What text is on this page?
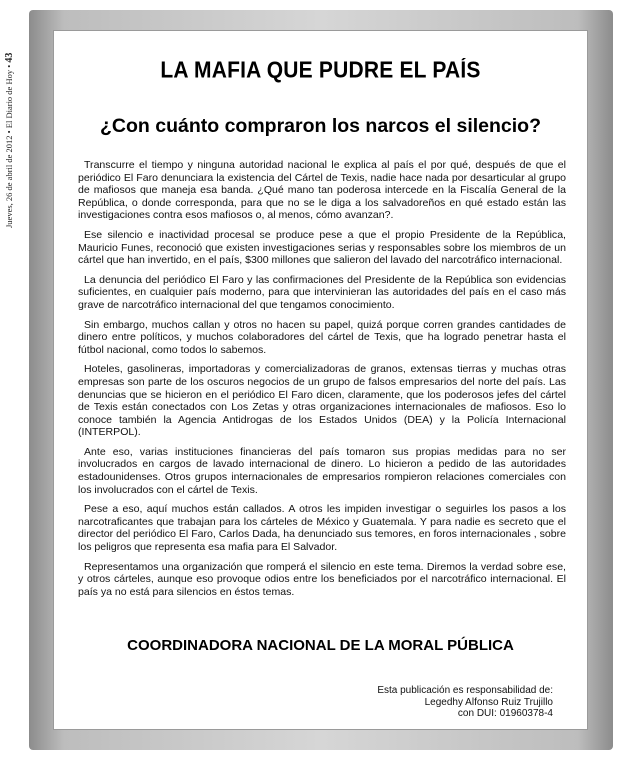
Jueves, 26 de abril de 2012 • El Diario de Hoy • 43
LA MAFIA QUE PUDRE EL PAÍS
¿Con cuánto compraron los narcos el silencio?

Transcurre el tiempo y ninguna autoridad nacional le explica al país el por qué, después de que el periódico El Faro denunciara la existencia del Cártel de Texis, nadie hace nada por desarticular al grupo de mafiosos que maneja esa banda. ¿Qué mano tan poderosa intercede en la Fiscalía General de la República, o donde corresponda, para que no se le diga a los salvadoreños en qué estado están las investigaciones contra esos mafiosos o, al menos, cómo avanzan?.

Ese silencio e inactividad procesal se produce pese a que el propio Presidente de la República, Mauricio Funes, reconoció que existen investigaciones serias y responsables sobre los miembros de un cártel que han invertido, en el país, $300 millones que salieron del lavado del narcotráfico internacional.

La denuncia del periódico El Faro y las confirmaciones del Presidente de la República son evidencias suficientes, en cualquier país moderno, para que intervinieran las autoridades del país en el caso más grave de narcotráfico internacional del que tengamos conocimiento.

Sin embargo, muchos callan y otros no hacen su papel, quizá porque corren grandes cantidades de dinero entre políticos, y muchos colaboradores del cártel de Texis, que ha logrado penetrar hasta el fútbol nacional, como todos lo sabemos.

Hoteles, gasolineras, importadoras y comercializadoras de granos, extensas tierras y muchas otras empresas son parte de los oscuros negocios de un grupo de falsos empresarios del norte del país. Las denuncias que se hicieron en el periódico El Faro dicen, claramente, que los poderosos jefes del cártel de Texis están conectados con Los Zetas y otras organizaciones internacionales de mafiosos. Eso lo conoce también la Agencia Antidrogas de los Estados Unidos (DEA) y la Policía Internacional (INTERPOL).

Ante eso, varias instituciones financieras del país tomaron sus propias medidas para no ser involucrados en cargos de lavado internacional de dinero. Lo hicieron a pedido de las autoridades estadounidenses. Otros grupos internacionales de empresarios rompieron relaciones comerciales con los involucrados con el cártel de Texis.

Pese a eso, aquí muchos están callados. A otros les impiden investigar o seguirles los pasos a los narcotraficantes que trabajan para los cárteles de México y Guatemala. Y para nadie es secreto que el director del periódico El Faro, Carlos Dada, ha denunciado sus temores, en foros internacionales , sobre los peligros que representa esa mafia para El Salvador.

Representamos una organización que romperá el silencio en este tema. Diremos la verdad sobre ese, y otros cárteles, aunque eso provoque odios entre los beneficiados por el narcotráfico internacional. El país ya no está para silencios en éstos temas.

COORDINADORA NACIONAL DE LA MORAL PÚBLICA
Esta publicación es responsabilidad de:
Legedhy Alfonso Ruiz Trujillo
con DUI: 01960378-4
